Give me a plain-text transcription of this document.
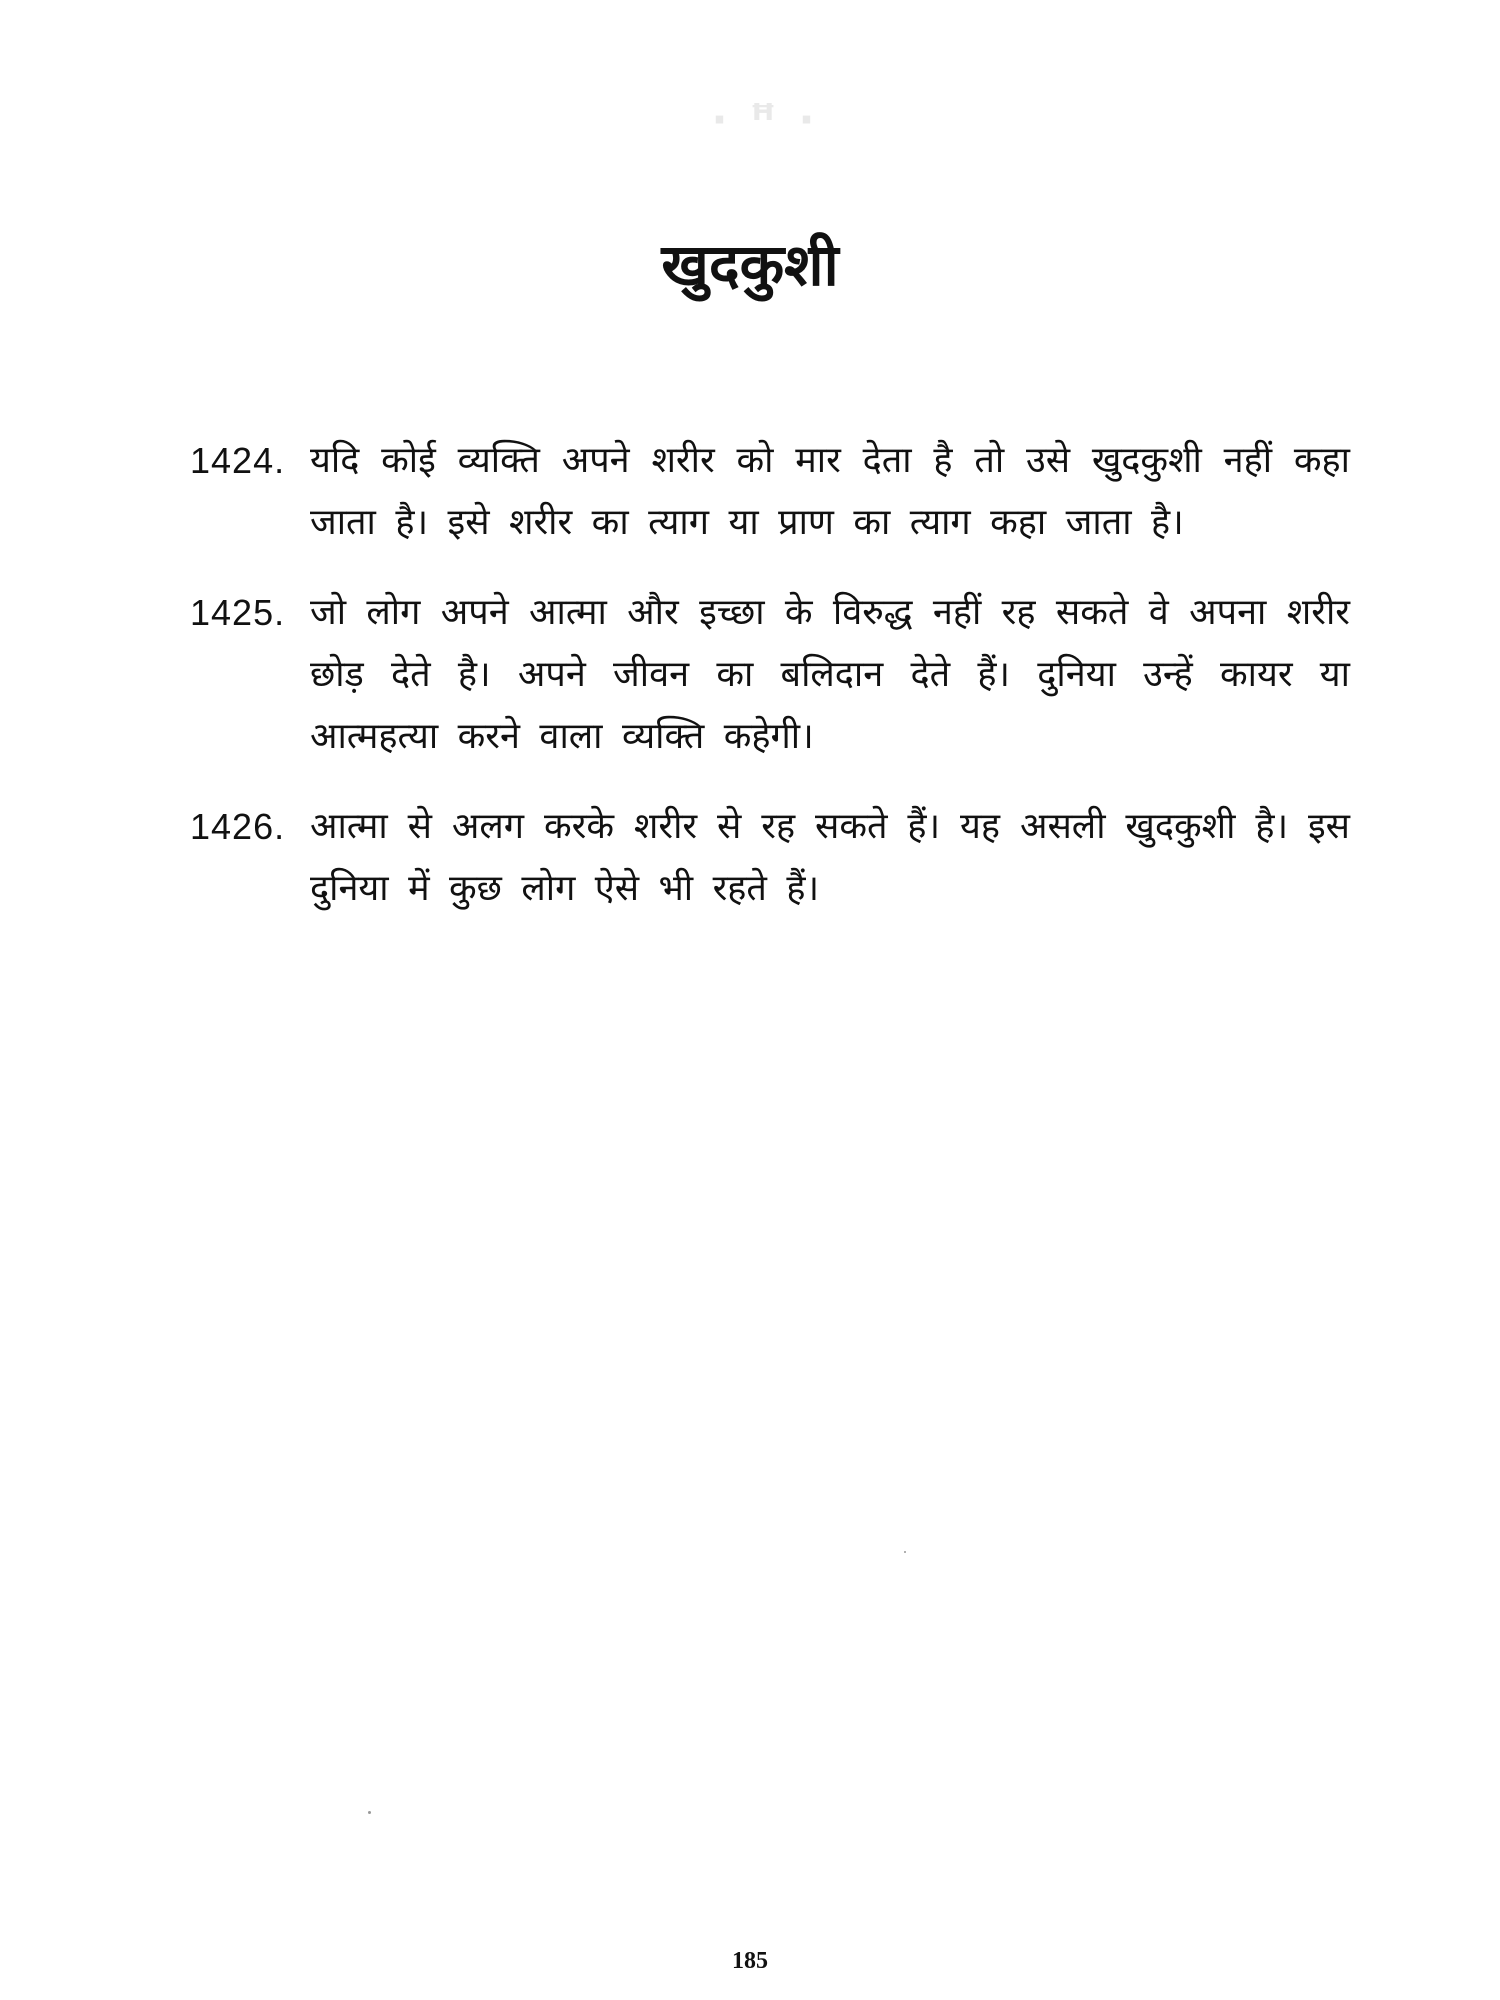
· ꟸ ·
खुदकुशी
1424. यदि कोई व्यक्ति अपने शरीर को मार देता है तो उसे खुदकुशी नहीं कहा जाता है। इसे शरीर का त्याग या प्राण का त्याग कहा जाता है।
1425. जो लोग अपने आत्मा और इच्छा के विरुद्ध नहीं रह सकते वे अपना शरीर छोड़ देते है। अपने जीवन का बलिदान देते हैं। दुनिया उन्हें कायर या आत्महत्या करने वाला व्यक्ति कहेगी।
1426. आत्मा से अलग करके शरीर से रह सकते हैं। यह असली खुदकुशी है। इस दुनिया में कुछ लोग ऐसे भी रहते हैं।
185
